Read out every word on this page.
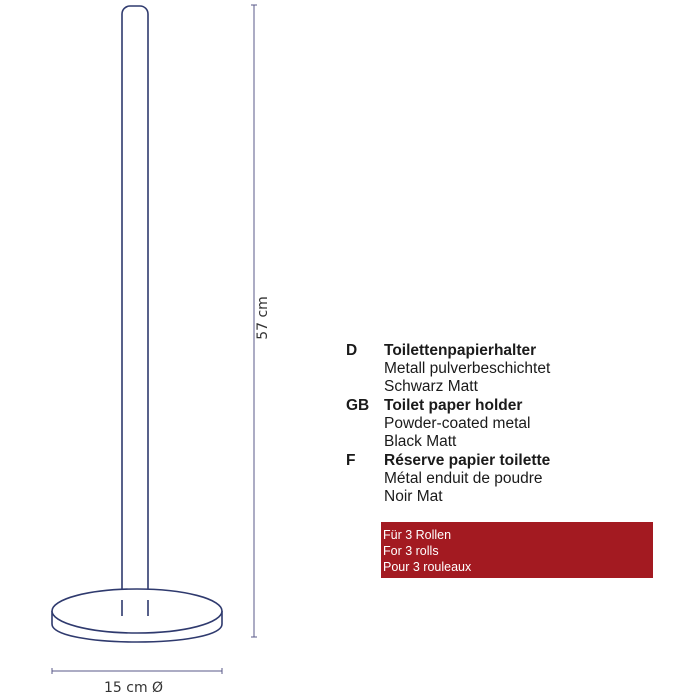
57 cm
15 cm Ø
D	Toilettenpapierhalter
Metall pulverbeschichtet
Schwarz Matt
GB Toilet paper holder
Powder-coated metal
Black Matt
F	Réserve papier toilette
Métal enduit de poudre
Noir Mat
Für 3 Rollen
For 3 rolls
Pour 3 rouleaux
